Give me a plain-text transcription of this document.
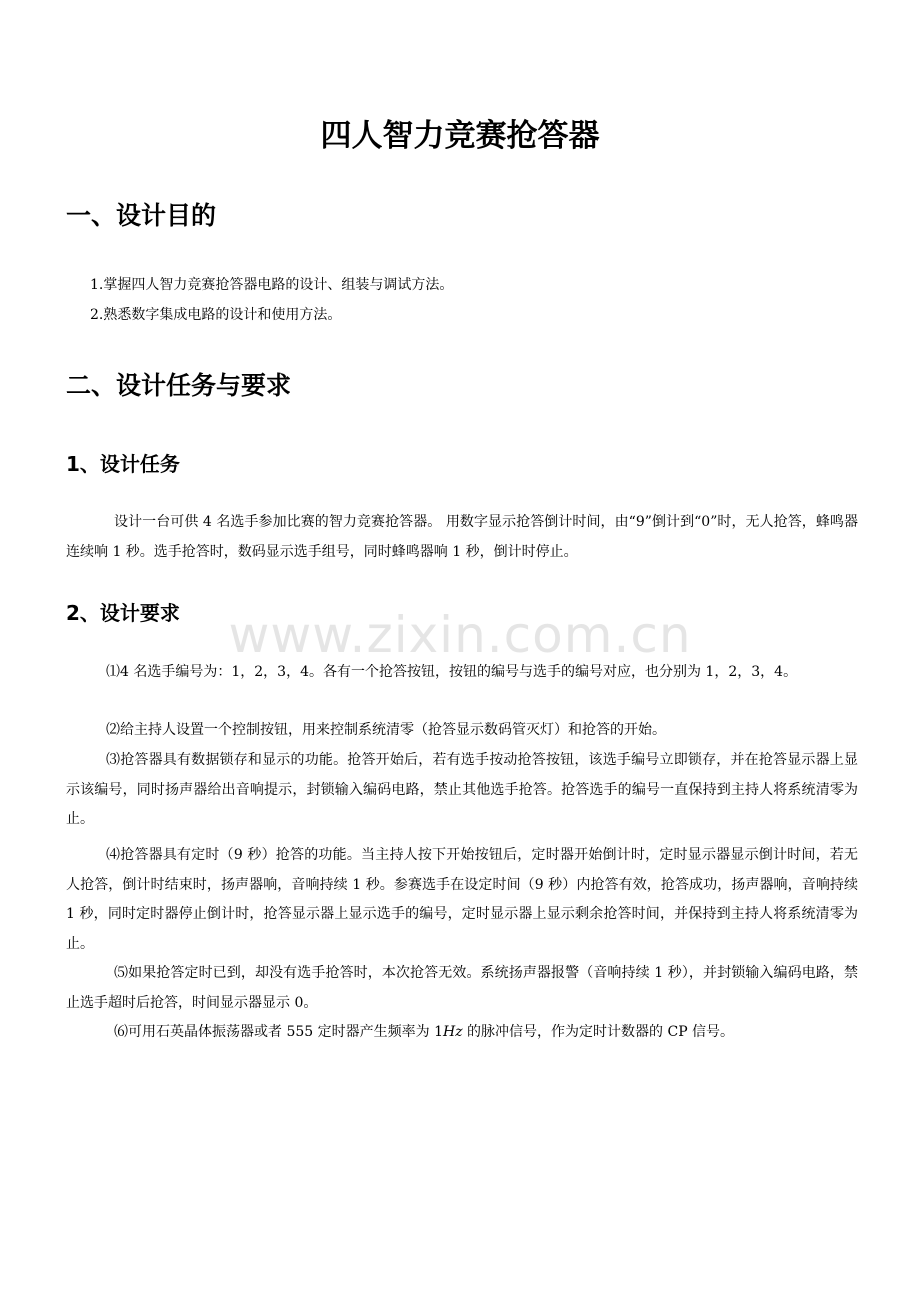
www.zixin.com.cn
四人智力竞赛抢答器
一、设计目的

1.掌握四人智力竞赛抢答器电路的设计、组装与调试方法。

2.熟悉数字集成电路的设计和使用方法。

二、设计任务与要求
1、设计任务

设计一台可供 4 名选手参加比赛的智力竞赛抢答器。 用数字显示抢答倒计时间，由“9”倒计到“0”时，无人抢答，蜂鸣器连续响 1 秒。选手抢答时，数码显示选手组号，同时蜂鸣器响 1 秒，倒计时停止。

2、设计要求

⑴4 名选手编号为：1，2，3，4。各有一个抢答按钮，按钮的编号与选手的编号对应，也分别为 1，2，3，4。

⑵给主持人设置一个控制按钮，用来控制系统清零（抢答显示数码管灭灯）和抢答的开始。

⑶抢答器具有数据锁存和显示的功能。抢答开始后，若有选手按动抢答按钮，该选手编号立即锁存，并在抢答显示器上显示该编号，同时扬声器给出音响提示，封锁输入编码电路，禁止其他选手抢答。抢答选手的编号一直保持到主持人将系统清零为止。

⑷抢答器具有定时（9 秒）抢答的功能。当主持人按下开始按钮后，定时器开始倒计时，定时显示器显示倒计时间，若无人抢答，倒计时结束时，扬声器响，音响持续 1 秒。参赛选手在设定时间（9 秒）内抢答有效，抢答成功，扬声器响，音响持续 1 秒，同时定时器停止倒计时，抢答显示器上显示选手的编号，定时显示器上显示剩余抢答时间，并保持到主持人将系统清零为止。

⑸如果抢答定时已到，却没有选手抢答时，本次抢答无效。系统扬声器报警（音响持续 1 秒），并封锁输入编码电路，禁止选手超时后抢答，时间显示器显示 0。

⑹可用石英晶体振荡器或者 555 定时器产生频率为 1Hz 的脉冲信号，作为定时计数器的 CP 信号。
